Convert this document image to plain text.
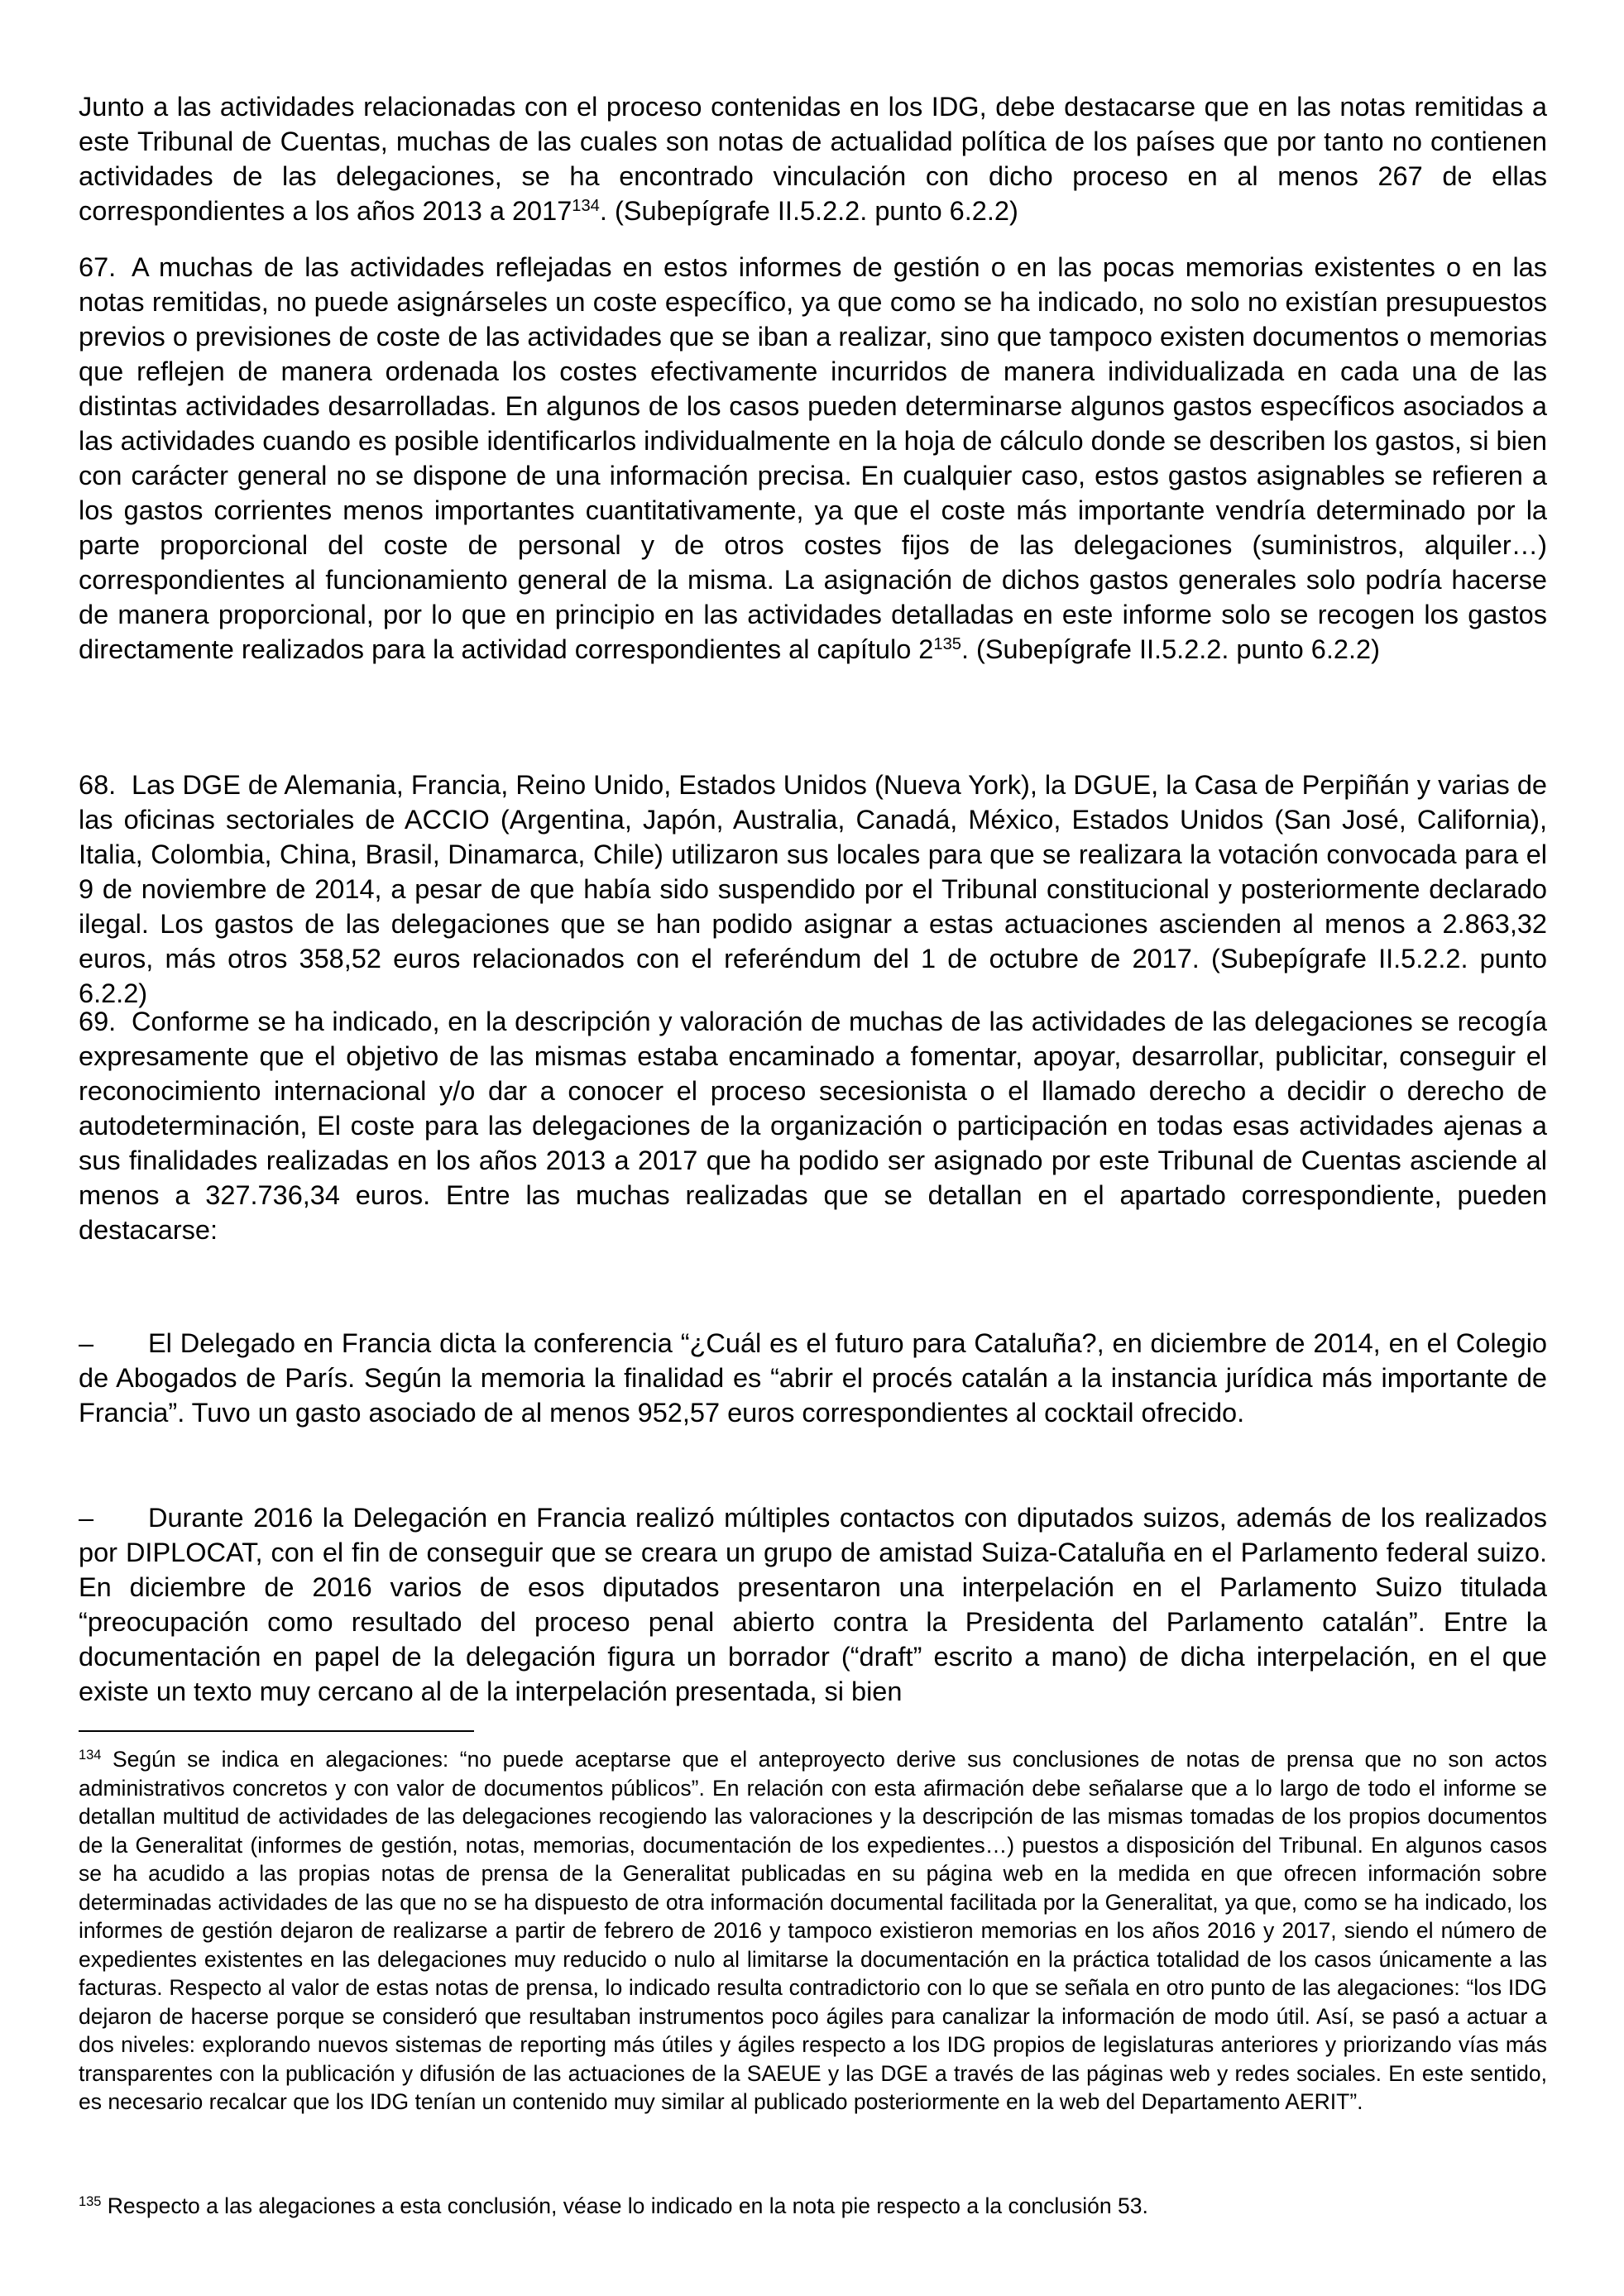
Junto a las actividades relacionadas con el proceso contenidas en los IDG, debe destacarse que en las notas remitidas a este Tribunal de Cuentas, muchas de las cuales son notas de actualidad política de los países que por tanto no contienen actividades de las delegaciones, se ha encontrado vinculación con dicho proceso en al menos 267 de ellas correspondientes a los años 2013 a 2017$^{134}$. (Subepígrafe II.5.2.2. punto 6.2.2)
67. A muchas de las actividades reflejadas en estos informes de gestión o en las pocas memorias existentes o en las notas remitidas, no puede asignárseles un coste específico, ya que como se ha indicado, no solo no existían presupuestos previos o previsiones de coste de las actividades que se iban a realizar, sino que tampoco existen documentos o memorias que reflejen de manera ordenada los costes efectivamente incurridos de manera individualizada en cada una de las distintas actividades desarrolladas. En algunos de los casos pueden determinarse algunos gastos específicos asociados a las actividades cuando es posible identificarlos individualmente en la hoja de cálculo donde se describen los gastos, si bien con carácter general no se dispone de una información precisa. En cualquier caso, estos gastos asignables se refieren a los gastos corrientes menos importantes cuantitativamente, ya que el coste más importante vendría determinado por la parte proporcional del coste de personal y de otros costes fijos de las delegaciones (suministros, alquiler…) correspondientes al funcionamiento general de la misma. La asignación de dichos gastos generales solo podría hacerse de manera proporcional, por lo que en principio en las actividades detalladas en este informe solo se recogen los gastos directamente realizados para la actividad correspondientes al capítulo $2^{135}$. (Subepígrafe II.5.2.2. punto 6.2.2)
68. Las DGE de Alemania, Francia, Reino Unido, Estados Unidos (Nueva York), la DGUE, la Casa de Perpiñán y varias de las oficinas sectoriales de ACCIO (Argentina, Japón, Australia, Canadá, México, Estados Unidos (San José, California), Italia, Colombia, China, Brasil, Dinamarca, Chile) utilizaron sus locales para que se realizara la votación convocada para el 9 de noviembre de 2014, a pesar de que había sido suspendido por el Tribunal constitucional y posteriormente declarado ilegal. Los gastos de las delegaciones que se han podido asignar a estas actuaciones ascienden al menos a 2.863,32 euros, más otros 358,52 euros relacionados con el referéndum del 1 de octubre de 2017. (Subepígrafe II.5.2.2. punto 6.2.2)
69. Conforme se ha indicado, en la descripción y valoración de muchas de las actividades de las delegaciones se recogía expresamente que el objetivo de las mismas estaba encaminado a fomentar, apoyar, desarrollar, publicitar, conseguir el reconocimiento internacional y/o dar a conocer el proceso secesionista o el llamado derecho a decidir o derecho de autodeterminación, El coste para las delegaciones de la organización o participación en todas esas actividades ajenas a sus finalidades realizadas en los años 2013 a 2017 que ha podido ser asignado por este Tribunal de Cuentas asciende al menos a 327.736,34 euros. Entre las muchas realizadas que se detallan en el apartado correspondiente, pueden destacarse:
– El Delegado en Francia dicta la conferencia “¿Cuál es el futuro para Cataluña?, en diciembre de 2014, en el Colegio de Abogados de París. Según la memoria la finalidad es “abrir el procés catalán a la instancia jurídica más importante de Francia”. Tuvo un gasto asociado de al menos 952,57 euros correspondientes al cocktail ofrecido.
– Durante 2016 la Delegación en Francia realizó múltiples contactos con diputados suizos, además de los realizados por DIPLOCAT, con el fin de conseguir que se creara un grupo de amistad Suiza-Cataluña en el Parlamento federal suizo. En diciembre de 2016 varios de esos diputados presentaron una interpelación en el Parlamento Suizo titulada “preocupación como resultado del proceso penal abierto contra la Presidenta del Parlamento catalán”. Entre la documentación en papel de la delegación figura un borrador (“draft” escrito a mano) de dicha interpelación, en el que existe un texto muy cercano al de la interpelación presentada, si bien
$^{134}$ Según se indica en alegaciones: “no puede aceptarse que el anteproyecto derive sus conclusiones de notas de prensa que no son actos administrativos concretos y con valor de documentos públicos”. En relación con esta afirmación debe señalarse que a lo largo de todo el informe se detallan multitud de actividades de las delegaciones recogiendo las valoraciones y la descripción de las mismas tomadas de los propios documentos de la Generalitat (informes de gestión, notas, memorias, documentación de los expedientes…) puestos a disposición del Tribunal. En algunos casos se ha acudido a las propias notas de prensa de la Generalitat publicadas en su página web en la medida en que ofrecen información sobre determinadas actividades de las que no se ha dispuesto de otra información documental facilitada por la Generalitat, ya que, como se ha indicado, los informes de gestión dejaron de realizarse a partir de febrero de 2016 y tampoco existieron memorias en los años 2016 y 2017, siendo el número de expedientes existentes en las delegaciones muy reducido o nulo al limitarse la documentación en la práctica totalidad de los casos únicamente a las facturas. Respecto al valor de estas notas de prensa, lo indicado resulta contradictorio con lo que se señala en otro punto de las alegaciones: “los IDG dejaron de hacerse porque se consideró que resultaban instrumentos poco ágiles para canalizar la información de modo útil. Así, se pasó a actuar a dos niveles: explorando nuevos sistemas de reporting más útiles y ágiles respecto a los IDG propios de legislaturas anteriores y priorizando vías más transparentes con la publicación y difusión de las actuaciones de la SAEUE y las DGE a través de las páginas web y redes sociales. En este sentido, es necesario recalcar que los IDG tenían un contenido muy similar al publicado posteriormente en la web del Departamento AERIT”.
$^{135}$ Respecto a las alegaciones a esta conclusión, véase lo indicado en la nota pie respecto a la conclusión 53.
